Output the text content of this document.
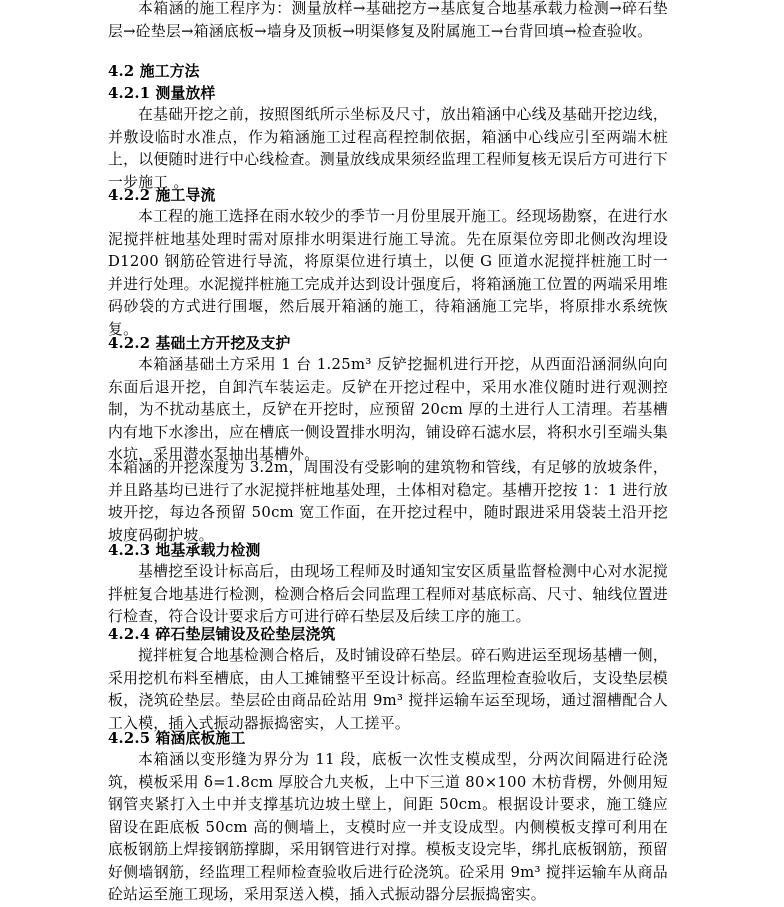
本箱涵的施工程序为：测量放样→基础挖方→基底复合地基承载力检测→碎石垫层→砼垫层→箱涵底板→墙身及顶板→明渠修复及附属施工→台背回填→检查验收。
4.2 施工方法
4.2.1 测量放样
在基础开挖之前，按照图纸所示坐标及尺寸，放出箱涵中心线及基础开挖边线，并敷设临时水准点，作为箱涵施工过程高程控制依据，箱涵中心线应引至两端木桩上，以便随时进行中心线检查。测量放线成果须经监理工程师复核无误后方可进行下一步施工 。
4.2.2 施工导流
本工程的施工选择在雨水较少的季节一月份里展开施工。经现场勘察，在进行水泥搅拌桩地基处理时需对原排水明渠进行施工导流。先在原渠位旁即北侧改沟埋设 D1200 钢筋砼管进行导流，将原渠位进行填土，以便 G 匝道水泥搅拌桩施工时一并进行处理。水泥搅拌桩施工完成并达到设计强度后，将箱涵施工位置的两端采用堆码砂袋的方式进行围堰，然后展开箱涵的施工，待箱涵施工完毕，将原排水系统恢复。
4.2.2 基础土方开挖及支护
本箱涵基础土方采用 1 台 1.25m³ 反铲挖掘机进行开挖，从西面沿涵洞纵向向东面后退开挖，自卸汽车装运走。反铲在开挖过程中，采用水准仪随时进行观测控制，为不扰动基底土，反铲在开挖时，应预留 20cm 厚的土进行人工清理。若基槽内有地下水渗出，应在槽底一侧设置排水明沟，铺设碎石滤水层，将积水引至端头集水坑，采用潜水泵抽出基槽外。
本箱涵的开挖深度为 3.2m，周围没有受影响的建筑物和管线，有足够的放坡条件，并且路基均已进行了水泥搅拌桩地基处理，土体相对稳定。基槽开挖按 1：1 进行放坡开挖，每边各预留 50cm 宽工作面，在开挖过程中，随时跟进采用袋装土沿开挖坡度码砌护坡。
4.2.3 地基承载力检测
基槽挖至设计标高后，由现场工程师及时通知宝安区质量监督检测中心对水泥搅拌桩复合地基进行检测，检测合格后会同监理工程师对基底标高、尺寸、轴线位置进行检查，符合设计要求后方可进行碎石垫层及后续工序的施工。
4.2.4 碎石垫层铺设及砼垫层浇筑
搅拌桩复合地基检测合格后，及时铺设碎石垫层。碎石购进运至现场基槽一侧，采用挖机布料至槽底，由人工摊铺整平至设计标高。经监理检查验收后，支设垫层模板，浇筑砼垫层。垫层砼由商品砼站用 9m³ 搅拌运输车运至现场，通过溜槽配合人工入模，插入式振动器振捣密实，人工搓平。
4.2.5 箱涵底板施工
本箱涵以变形缝为界分为 11 段，底板一次性支模成型，分两次间隔进行砼浇筑，模板采用 δ=1.8cm 厚胶合九夹板，上中下三道 80×100 木枋背楞，外侧用短钢管夹紧打入土中并支撑基坑边坡土壁上，间距 50cm。根据设计要求，施工缝应留设在距底板 50cm 高的侧墙上，支模时应一并支设成型。内侧模板支撑可利用在底板钢筋上焊接钢筋撑脚，采用钢管进行对撑。模板支设完毕，绑扎底板钢筋，预留好侧墙钢筋，经监理工程师检查验收后进行砼浇筑。砼采用 9m³ 搅拌运输车从商品砼站运至施工现场，采用泵送入模，插入式振动器分层振捣密实。
